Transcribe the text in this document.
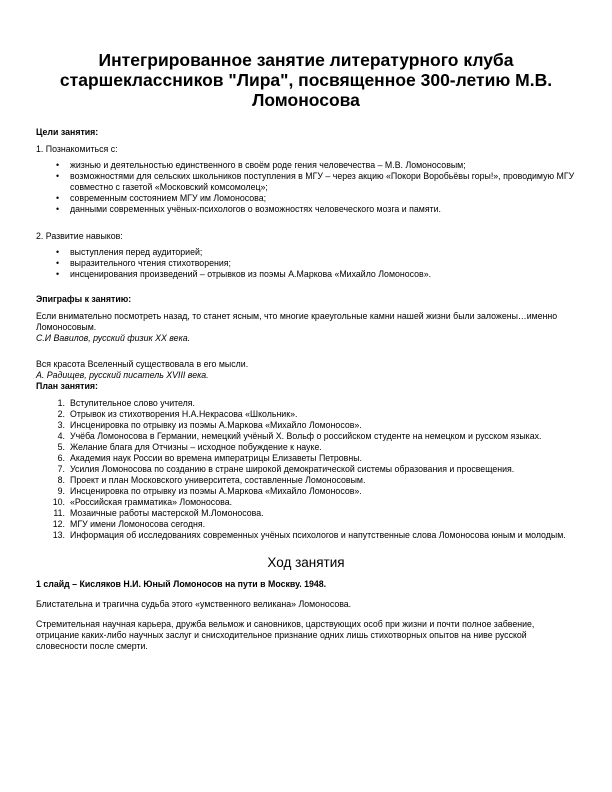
Интегрированное занятие литературного клуба старшеклассников "Лира", посвященное 300-летию М.В. Ломоносова
Цели занятия:

1. Познакомиться с:

• жизнью и деятельностью единственного в своём роде гения человечества – М.В. Ломоносовым;
• возможностями для сельских школьников поступления в МГУ – через акцию «Покори Воробьёвы горы!», проводимую МГУ совместно с газетой «Московский комсомолец»;
• современным состоянием МГУ им Ломоносова;
• данными современных учёных-психологов о возможностях человеческого мозга и памяти.

2. Развитие навыков:

• выступления перед аудиторией;
• выразительного чтения стихотворения;
• инсценирования произведений – отрывков из поэмы А.Маркова «Михайло Ломоносов».
Эпиграфы к занятию:

Если внимательно посмотреть назад, то станет ясным, что многие краеугольные камни нашей жизни были заложены…именно Ломоносовым.

С.И Вавилов, русский физик XX века.

Вся красота Вселенный существовала в его мысли.

А. Радищев, русский писатель XVIII века.

План занятия:
1. Вступительное слово учителя.
2. Отрывок из стихотворения Н.А.Некрасова «Школьник».
3. Инсценировка по отрывку из поэмы А.Маркова «Михайло Ломоносов».
4. Учёба Ломоносова в Германии, немецкий учёный Х. Вольф о российском студенте на немецком и русском языках.
5. Желание блага для Отчизны – исходное побуждение к науке.
6. Академия наук России во времена императрицы Елизаветы Петровны.
7. Усилия Ломоносова по созданию в стране широкой демократической системы образования и просвещения.
8. Проект и план Московского университета, составленные Ломоносовым.
9. Инсценировка по отрывку из поэмы А.Маркова «Михайло Ломоносов».
10. «Российская грамматика» Ломоносова.
11. Мозаичные работы мастерской М.Ломоносова.
12. МГУ имени Ломоносова сегодня.
13. Информация об исследованиях современных учёных психологов и напутственные слова Ломоносова юным и молодым.
Ход занятия

1 слайд – Кисляков Н.И. Юный Ломоносов на пути в Москву. 1948.

Блистательна и трагична судьба этого «умственного великана» Ломоносова.

Стремительная научная карьера, дружба вельмож и сановников, царствующих особ при жизни и почти полное забвение, отрицание каких-либо научных заслуг и снисходительное признание одних лишь стихотворных опытов на ниве русской словесности после смерти.
